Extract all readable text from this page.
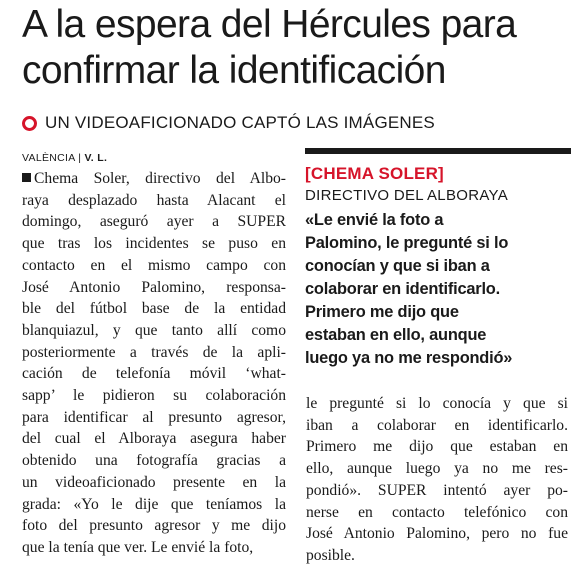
A la espera del Hércules para
confirmar la identificación
UN VIDEOAFICIONADO CAPTÓ LAS IMÁGENES
VALÈNCIA | V. L.
Chema Soler, directivo del Albo-
raya desplazado hasta Alacant el
domingo, aseguró ayer a SUPER
que tras los incidentes se puso en
contacto en el mismo campo con
José Antonio Palomino, responsa-
ble del fútbol base de la entidad
blanquiazul, y que tanto allí como
posteriormente a través de la apli-
cación de telefonía móvil ‘what-
sapp’ le pidieron su colaboración
para identificar al presunto agresor,
del cual el Alboraya asegura haber
obtenido una fotografía gracias a
un videoaficionado presente en la
grada: «Yo le dije que teníamos la
foto del presunto agresor y me dijo
que la tenía que ver. Le envié la foto,
[CHEMA SOLER]
DIRECTIVO DEL ALBORAYA
«Le envié la foto a
Palomino, le pregunté si lo
conocían y que si iban a
colaborar en identificarlo.
Primero me dijo que
estaban en ello, aunque
luego ya no me respondió»
le pregunté si lo conocía y que si
iban a colaborar en identificarlo.
Primero me dijo que estaban en
ello, aunque luego ya no me res-
pondió». SUPER intentó ayer po-
nerse en contacto telefónico con
José Antonio Palomino, pero no fue
posible.
